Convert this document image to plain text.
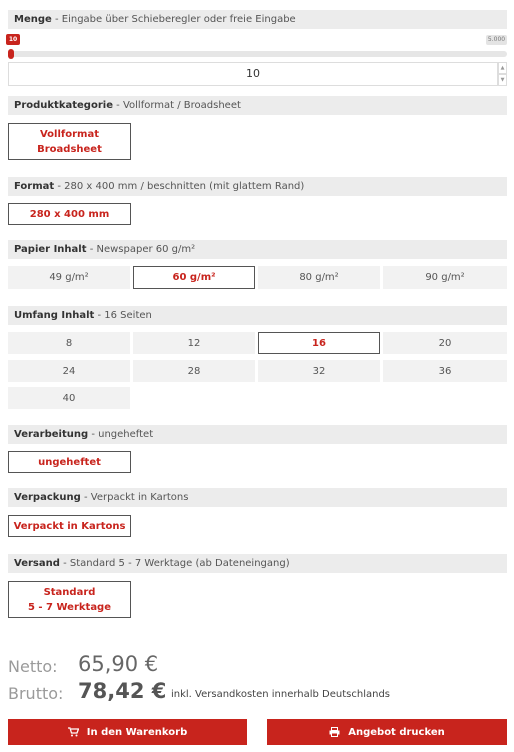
Menge - Eingabe über Schieberegler oder freie Eingabe
10	5.000
10	▲
▼
Produktkategorie - Vollformat / Broadsheet
Vollformat
Broadsheet
Format - 280 x 400 mm / beschnitten (mit glattem Rand)
280 x 400 mm
Papier Inhalt - Newspaper 60 g/m²
49 g/m²	60 g/m²	80 g/m²	90 g/m²
Umfang Inhalt - 16 Seiten
8	12	16	20
24	28	32	36
40
Verarbeitung - ungeheftet
ungeheftet
Verpackung - Verpackt in Kartons
Verpackt in Kartons
Versand - Standard 5 - 7 Werktage (ab Dateneingang)
Standard
5 - 7 Werktage
Netto: 65,90 €
Brutto: 78,42 € inkl. Versandkosten innerhalb Deutschlands
In den Warenkorb	Angebot drucken
